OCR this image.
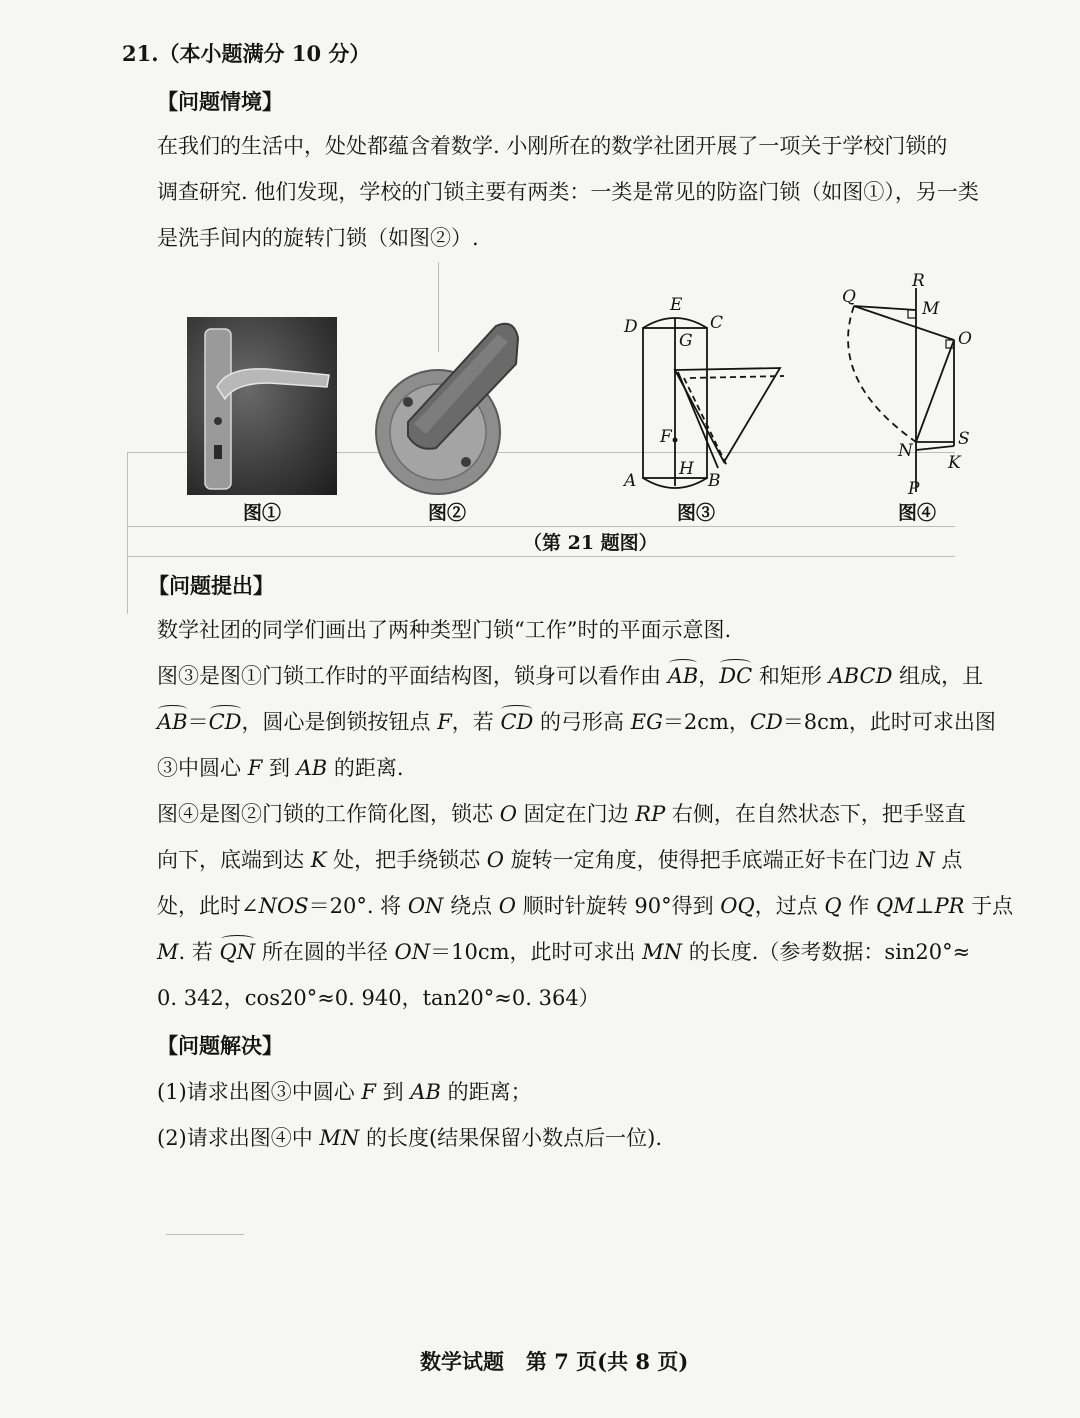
21.（本小题满分 10 分）
【问题情境】
在我们的生活中，处处都蕴含着数学. 小刚所在的数学社团开展了一项关于学校门锁的
调查研究. 他们发现，学校的门锁主要有两类：一类是常见的防盗门锁（如图①），另一类
是洗手间内的旋转门锁（如图②）.
图①	图②
E
D	C
G
F
H
A	B
图③
R
Q
M
O
N
S
K
P
图④
（第 21 题图）
【问题提出】
数学社团的同学们画出了两种类型门锁“工作”时的平面示意图.
图③是图①门锁工作时的平面结构图，锁身可以看作由 AB，DC 和矩形 ABCD 组成，且
AB＝CD，圆心是倒锁按钮点 F，若 CD 的弓形高 EG＝2cm，CD＝8cm，此时可求出图
③中圆心 F 到 AB 的距离.
图④是图②门锁的工作简化图，锁芯 O 固定在门边 RP 右侧，在自然状态下，把手竖直
向下，底端到达 K 处，把手绕锁芯 O 旋转一定角度，使得把手底端正好卡在门边 N 点
处，此时∠NOS＝20°. 将 ON 绕点 O 顺时针旋转 90°得到 OQ，过点 Q 作 QM⊥PR 于点
M. 若 QN 所在圆的半径 ON＝10cm，此时可求出 MN 的长度.（参考数据：sin20°≈
0. 342，cos20°≈0. 940，tan20°≈0. 364）
【问题解决】
(1)请求出图③中圆心 F 到 AB 的距离；
(2)请求出图④中 MN 的长度(结果保留小数点后一位).
数学试题   第 7 页(共 8 页)
